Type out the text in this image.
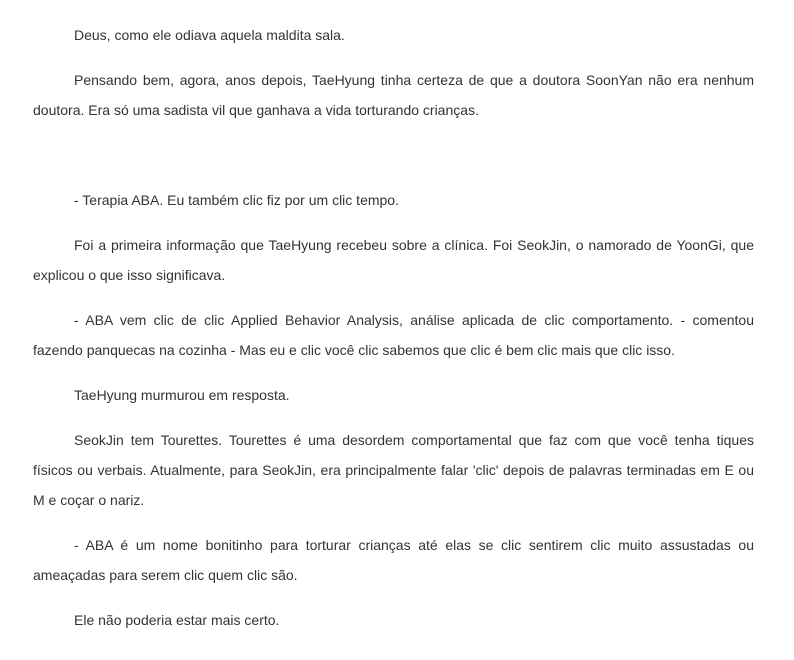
Deus, como ele odiava aquela maldita sala.

Pensando bem, agora, anos depois, TaeHyung tinha certeza de que a doutora SoonYan não era nenhum doutora. Era só uma sadista vil que ganhava a vida torturando crianças.

- Terapia ABA. Eu também clic fiz por um clic tempo.

Foi a primeira informação que TaeHyung recebeu sobre a clínica. Foi SeokJin, o namorado de YoonGi, que explicou o que isso significava.

- ABA vem clic de clic Applied Behavior Analysis, análise aplicada de clic comportamento. - comentou fazendo panquecas na cozinha - Mas eu e clic você clic sabemos que clic é bem clic mais que clic isso.

TaeHyung murmurou em resposta.

SeokJin tem Tourettes. Tourettes é uma desordem comportamental que faz com que você tenha tiques físicos ou verbais. Atualmente, para SeokJin, era principalmente falar 'clic' depois de palavras terminadas em E ou M e coçar o nariz.

- ABA é um nome bonitinho para torturar crianças até elas se clic sentirem clic muito assustadas ou ameaçadas para serem clic quem clic são.

Ele não poderia estar mais certo.
